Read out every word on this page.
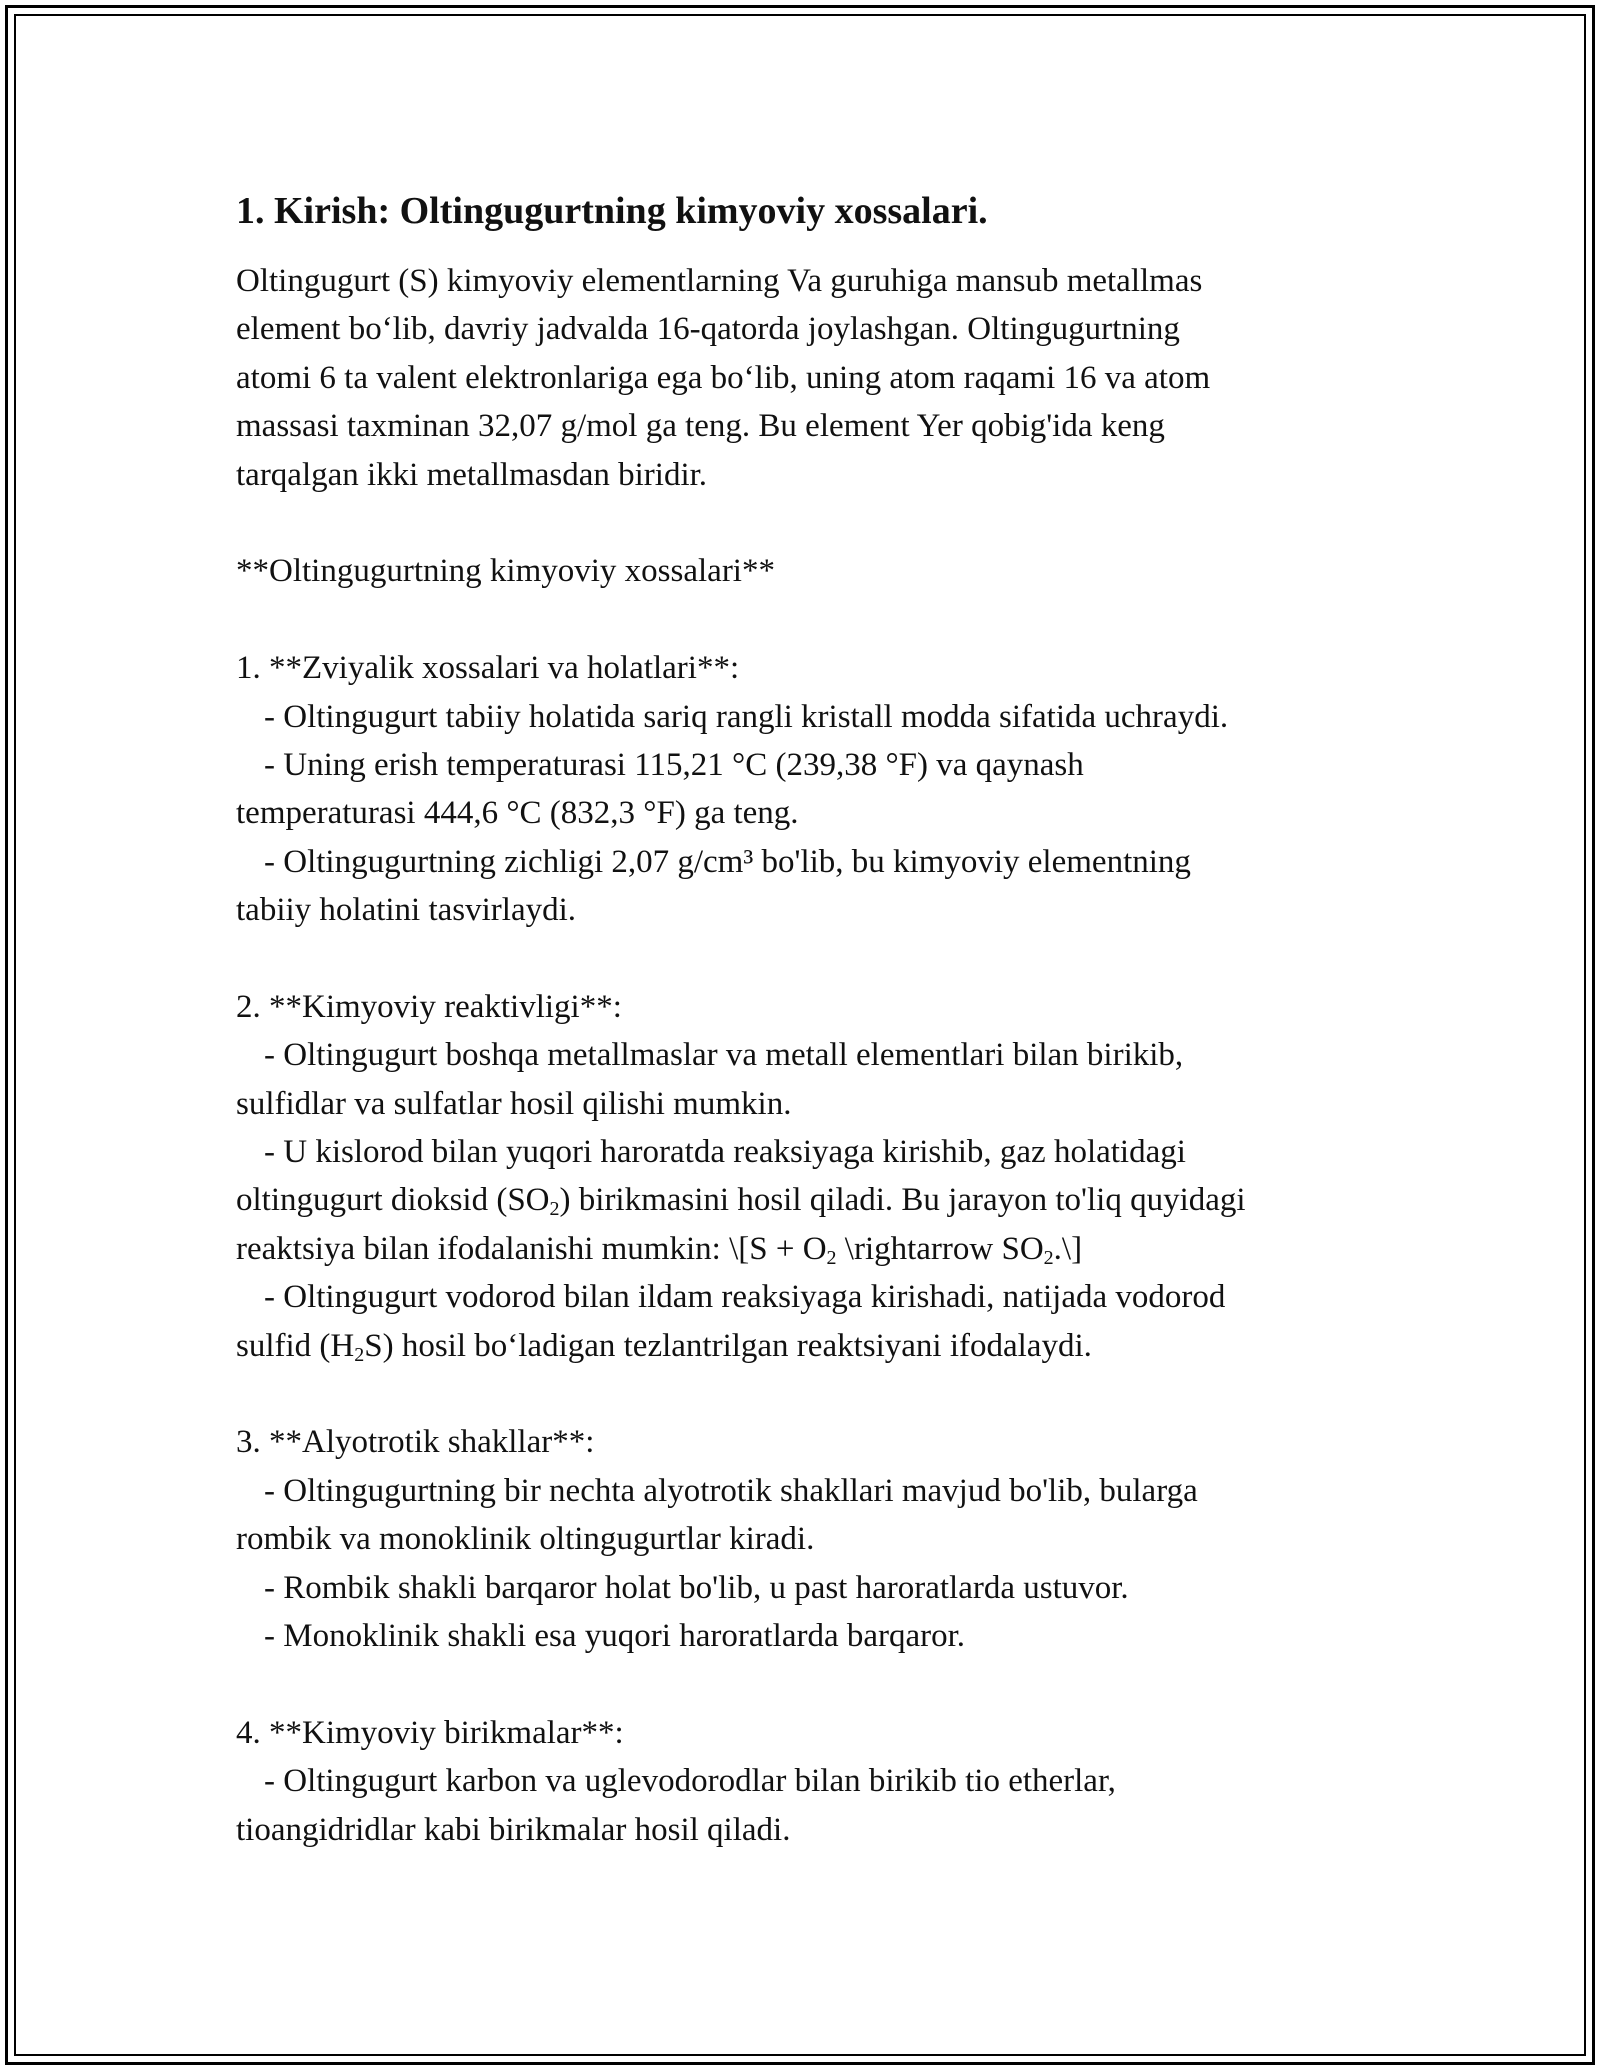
1. Kirish: Oltingugurtning kimyoviy xossalari.
Oltingugurt (S) kimyoviy elementlarning Va guruhiga mansub metallmas
element bo‘lib, davriy jadvalda 16-qatorda joylashgan. Oltingugurtning
atomi 6 ta valent elektronlariga ega bo‘lib, uning atom raqami 16 va atom
massasi taxminan 32,07 g/mol ga teng. Bu element Yer qobig'ida keng
tarqalgan ikki metallmasdan biridir.
**Oltingugurtning kimyoviy xossalari**
1. **Zviyalik xossalari va holatlari**:
- Oltingugurt tabiiy holatida sariq rangli kristall modda sifatida uchraydi.
- Uning erish temperaturasi 115,21 °C (239,38 °F) va qaynash
temperaturasi 444,6 °C (832,3 °F) ga teng.
- Oltingugurtning zichligi 2,07 g/cm³ bo'lib, bu kimyoviy elementning
tabiiy holatini tasvirlaydi.
2. **Kimyoviy reaktivligi**:
- Oltingugurt boshqa metallmaslar va metall elementlari bilan birikib,
sulfidlar va sulfatlar hosil qilishi mumkin.
- U kislorod bilan yuqori haroratda reaksiyaga kirishib, gaz holatidagi
oltingugurt dioksid $(SO_2)$ birikmasini hosil qiladi. Bu jarayon to'liq quyidagi
reaktsiya bilan ifodalanishi mumkin: \[S + $O_2$ \rightarrow $SO_2.\backslash$]
- Oltingugurt vodorod bilan ildam reaksiyaga kirishadi, natijada vodorod
sulfid $(H_2S)$ hosil bo‘ladigan tezlantrilgan reaktsiyani ifodalaydi.
3. **Alyotrotik shakllar**:
- Oltingugurtning bir nechta alyotrotik shakllari mavjud bo'lib, bularga
rombik va monoklinik oltingugurtlar kiradi.
- Rombik shakli barqaror holat bo'lib, u past haroratlarda ustuvor.
- Monoklinik shakli esa yuqori haroratlarda barqaror.
4. **Kimyoviy birikmalar**:
- Oltingugurt karbon va uglevodorodlar bilan birikib tio etherlar,
tioangidridlar kabi birikmalar hosil qiladi.
